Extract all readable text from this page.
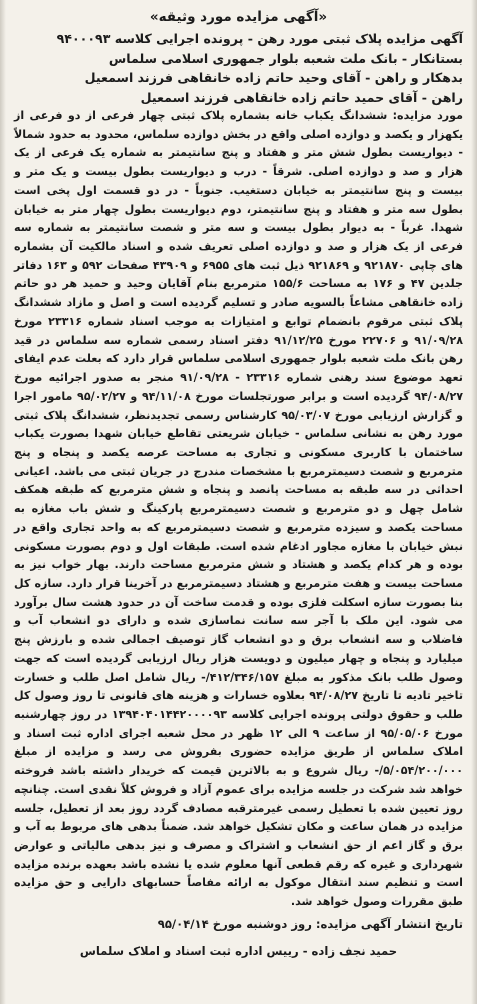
«آگهی مزایده مورد وثیقه»

آگهی مزایده پلاک ثبتی مورد رهن - پرونده اجرایی کلاسه ۹۴۰۰۰۹۳

بستانکار - بانک ملت شعبه بلوار جمهوری اسلامی سلماس

بدهکار و راهن - آقای وحید حاتم زاده خانقاهی فرزند اسمعیل

راهن - آقای حمید حاتم زاده خانقاهی فرزند اسمعیل

مورد مزایده: ششدانگ یکباب خانه بشماره پلاک ثبتی چهار فرعی از دو فرعی از یکهزار و یکصد و دوازده اصلی واقع در بخش دوازده سلماس، محدود به حدود شمالاً - دیواریست بطول شش متر و هفتاد و پنج سانتیمتر به شماره یک فرعی از یک هزار و صد و دوازده اصلی. شرقاً - درب و دیواریست بطول بیست و یک متر و بیست و پنج سانتیمتر به خیابان دستغیب. جنوباً - در دو قسمت اول پخی است بطول سه متر و هفتاد و پنج سانتیمتر، دوم دیواریست بطول چهار متر به خیابان شهدا. غرباً - به دیوار بطول بیست و سه متر و شصت سانتیمتر به شماره سه فرعی از یک هزار و صد و دوازده اصلی تعریف شده و اسناد مالکیت آن بشماره های چاپی ۹۲۱۸۷۰ و ۹۲۱۸۶۹ ذیل ثبت های ۶۹۵۵ و ۴۳۹۰۹ صفحات ۵۹۲ و ۱۶۳ دفاتر جلدین ۴۷ و ۱۷۶ به مساحت ۱۵۵/۶ مترمربع بنام آقایان وحید و حمید هر دو حاتم زاده خانقاهی مشاعاً بالسویه صادر و تسلیم گردیده است و اصل و مازاد ششدانگ پلاک ثبتی مرقوم بانضمام توابع و امتیازات به موجب اسناد شماره ۲۳۳۱۶ مورخ ۹۱/۰۹/۲۸ و ۲۲۷۰۶ مورخ ۹۱/۱۲/۲۵ دفتر اسناد رسمی شماره سه سلماس در قید رهن بانک ملت شعبه بلوار جمهوری اسلامی سلماس قرار دارد که بعلت عدم ایفای تعهد موضوع سند رهنی شماره ۲۳۳۱۶ - ۹۱/۰۹/۲۸ منجر به صدور اجرائیه مورخ ۹۴/۰۸/۲۷ گردیده است و برابر صورتجلسات مورخ ۹۴/۱۱/۰۸ و ۹۵/۰۲/۲۷ مامور اجرا و گزارش ارزیابی مورخ ۹۵/۰۳/۰۷ کارشناس رسمی تجدیدنظر، ششدانگ پلاک ثبتی مورد رهن به نشانی سلماس - خیابان شریعتی تقاطع خیابان شهدا بصورت یکباب ساختمان با کاربری مسکونی و تجاری به مساحت عرصه یکصد و پنجاه و پنج مترمربع و شصت دسیمترمربع با مشخصات مندرج در جریان ثبتی می باشد. اعیانی احداثی در سه طبقه به مساحت پانصد و پنجاه و شش مترمربع که طبقه همکف شامل چهل و دو مترمربع و شصت دسیمترمربع پارکینگ و شش باب مغازه به مساحت یکصد و سیزده مترمربع و شصت دسیمترمربع که به واحد تجاری واقع در نبش خیابان با مغازه مجاور ادغام شده است. طبقات اول و دوم بصورت مسکونی بوده و هر کدام یکصد و هشتاد و شش مترمربع مساحت دارند. بهار خواب نیز به مساحت بیست و هفت مترمربع و هشتاد دسیمترمربع در آخرینا قرار دارد. سازه کل بنا بصورت سازه اسکلت فلزی بوده و قدمت ساخت آن در حدود هشت سال برآورد می شود. این ملک با آجر سه سانت نماسازی شده و دارای دو انشعاب آب و فاضلاب و سه انشعاب برق و دو انشعاب گاز توصیف اجمالی شده و بارزش پنج میلیارد و پنجاه و چهار میلیون و دویست هزار ریال ارزیابی گردیده است که جهت وصول طلب بانک مذکور به مبلغ ۴۱۲/۳۴۶/۱۵۷/- ریال شامل اصل طلب و خسارت تاخیر تادیه تا تاریخ ۹۴/۰۸/۲۷ بعلاوه خسارات و هزینه های قانونی تا روز وصول کل طلب و حقوق دولتی پرونده اجرایی کلاسه ۱۳۹۴۰۴۰۱۴۴۲۰۰۰۰۹۳ در روز چهارشنبه مورخ ۹۵/۰۵/۰۶ از ساعت ۹ الی ۱۲ ظهر در محل شعبه اجرای اداره ثبت اسناد و املاک سلماس از طریق مزایده حضوری بفروش می رسد و مزایده از مبلغ ۵/۰۵۴/۲۰۰/۰۰۰/- ریال شروع و به بالاترین قیمت که خریدار داشته باشد فروخته خواهد شد شرکت در جلسه مزایده برای عموم آزاد و فروش کلاً نقدی است. چنانچه روز تعیین شده با تعطیل رسمی غیرمترقبه مصادف گردد روز بعد از تعطیل، جلسه مزایده در همان ساعت و مکان تشکیل خواهد شد. ضمناً بدهی های مربوط به آب و برق و گاز اعم از حق انشعاب و اشتراک و مصرف و نیز بدهی مالیاتی و عوارض شهرداری و غیره که رقم قطعی آنها معلوم شده یا نشده باشد بعهده برنده مزایده است و تنظیم سند انتقال موکول به ارائه مفاصاً حسابهای دارایی و حق مزایده طبق مقررات وصول خواهد شد.

تاریخ انتشار آگهی مزایده: روز دوشنبه مورخ ۹۵/۰۴/۱۴

حمید نجف زاده - رییس اداره ثبت اسناد و املاک سلماس
